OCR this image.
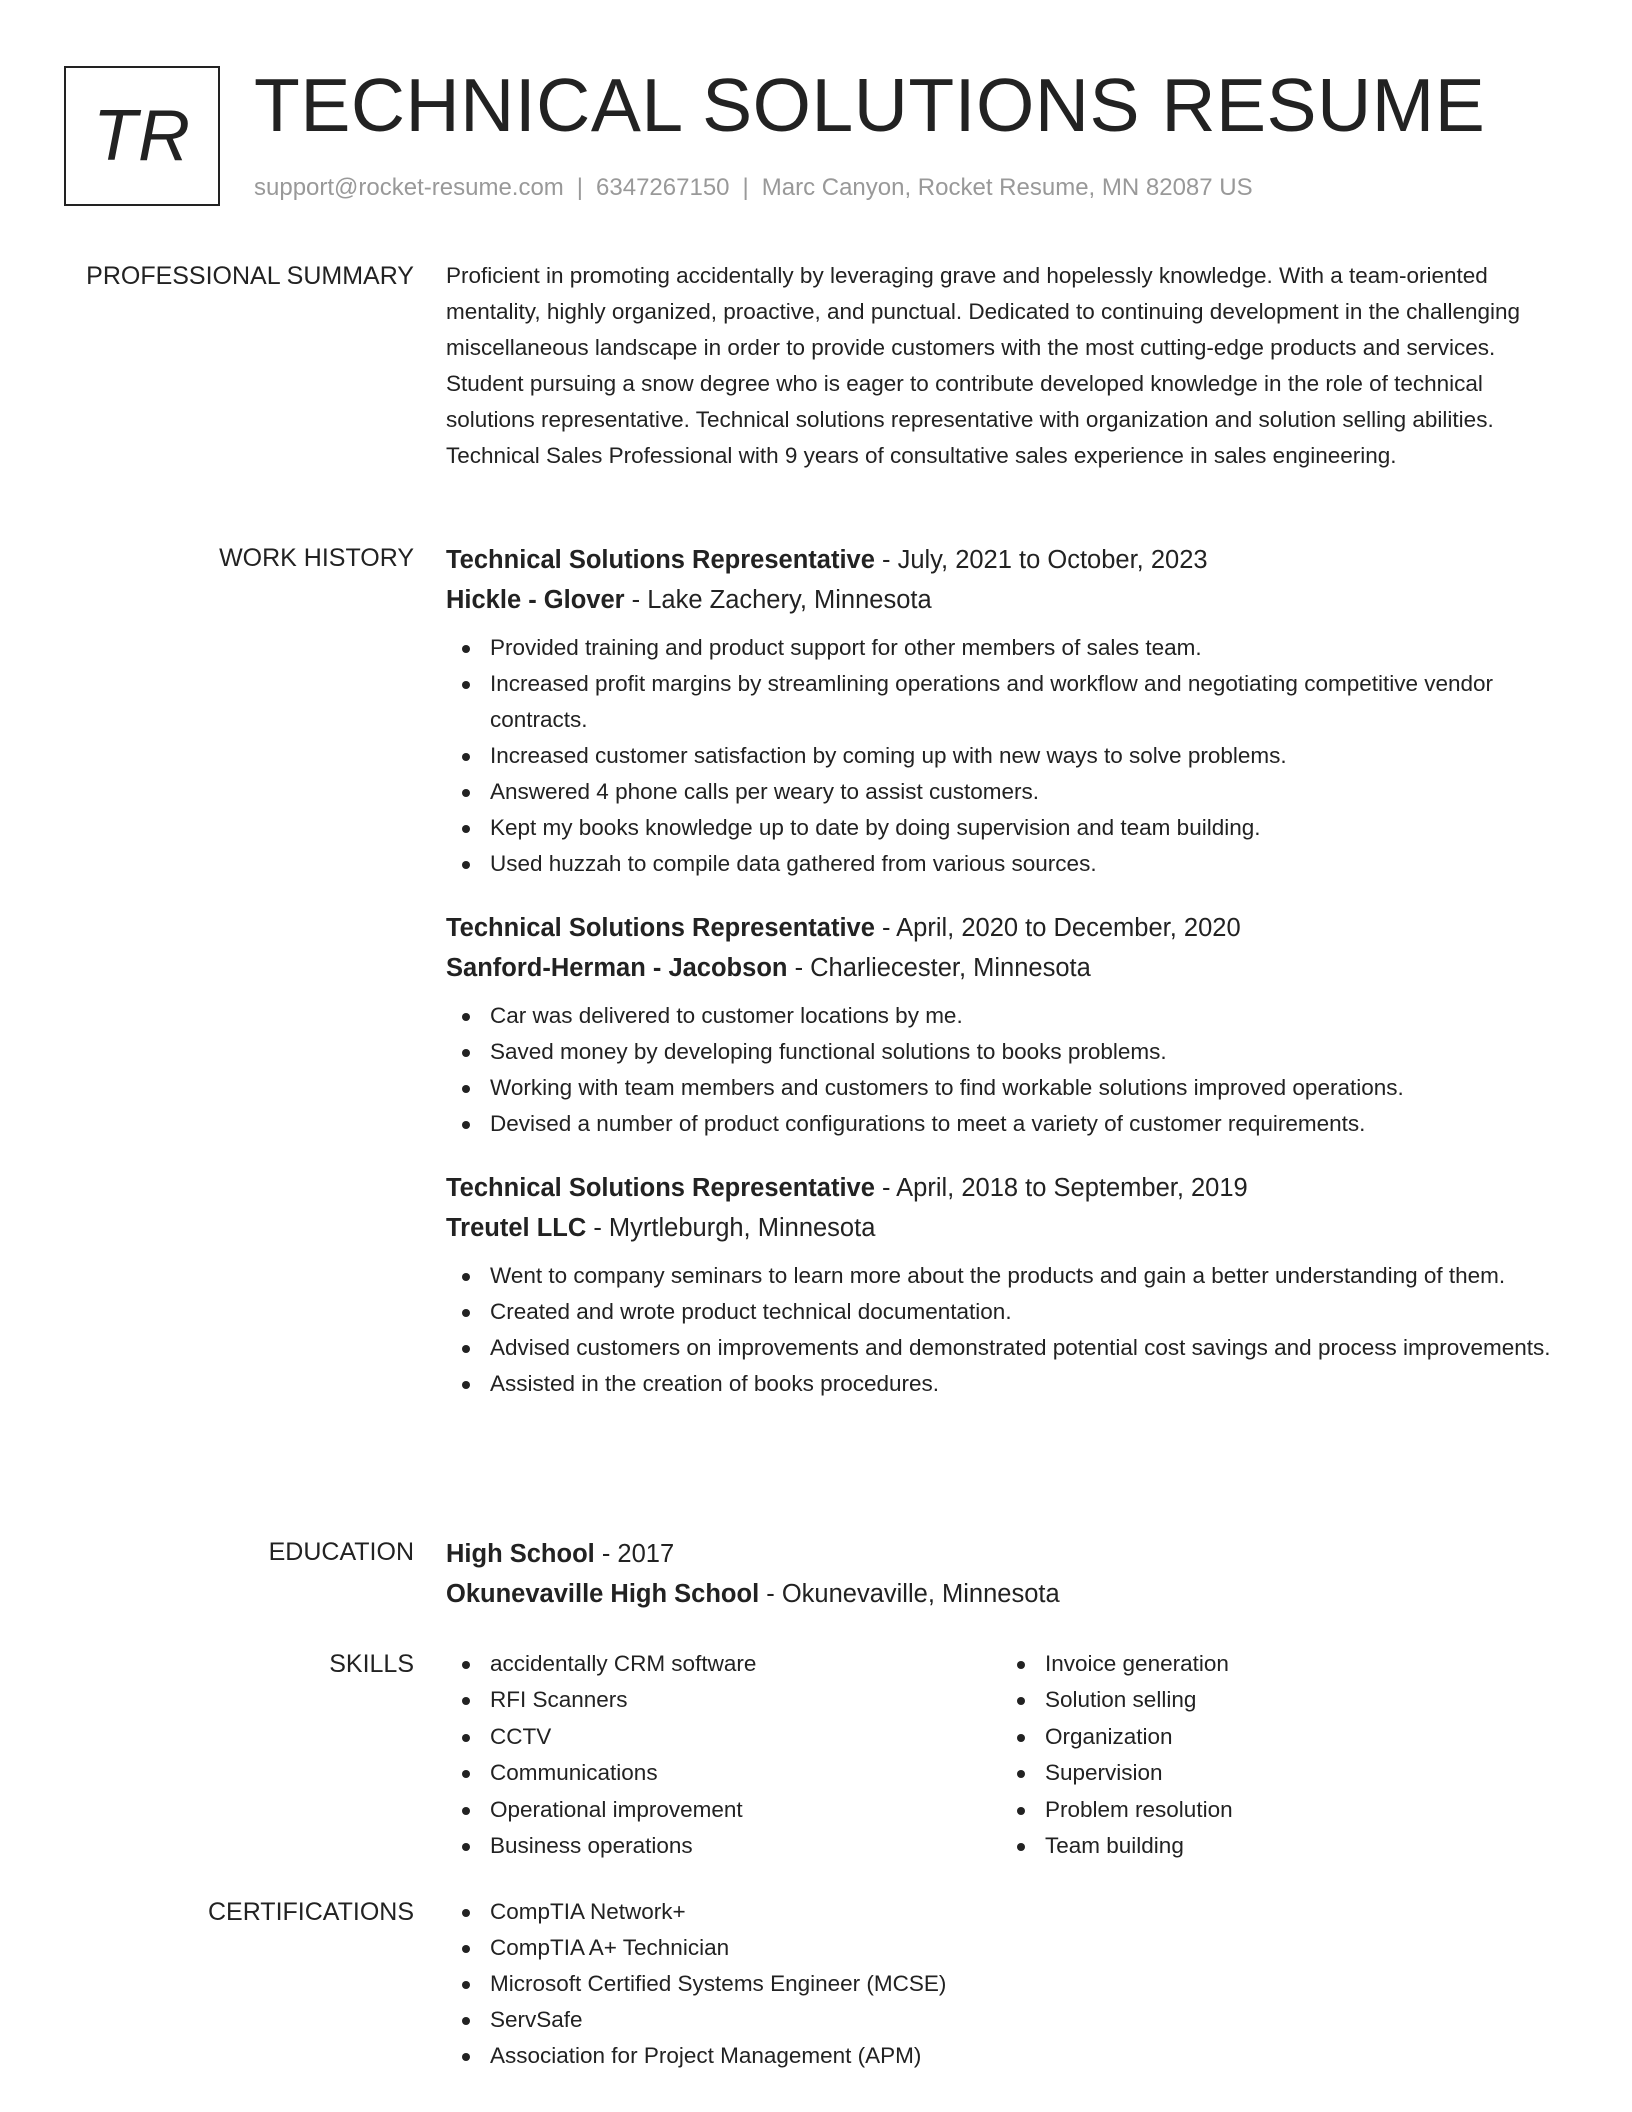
TR TECHNICAL SOLUTIONS RESUME
support@rocket-resume.com | 6347267150 | Marc Canyon, Rocket Resume, MN 82087 US
PROFESSIONAL SUMMARY Proficient in promoting accidentally by leveraging grave and hopelessly knowledge. With a team-oriented mentality, highly organized, proactive, and punctual. Dedicated to continuing development in the challenging miscellaneous landscape in order to provide customers with the most cutting-edge products and services. Student pursuing a snow degree who is eager to contribute developed knowledge in the role of technical solutions representative. Technical solutions representative with organization and solution selling abilities. Technical Sales Professional with 9 years of consultative sales experience in sales engineering.

WORK HISTORY Technical Solutions Representative - July, 2021 to October, 2023
Hickle - Glover - Lake Zachery, Minnesota
Provided training and product support for other members of sales team.
Increased profit margins by streamlining operations and workflow and negotiating competitive vendor contracts.
Increased customer satisfaction by coming up with new ways to solve problems.
Answered 4 phone calls per weary to assist customers.
Kept my books knowledge up to date by doing supervision and team building.
Used huzzah to compile data gathered from various sources.
Technical Solutions Representative - April, 2020 to December, 2020
Sanford-Herman - Jacobson - Charliecester, Minnesota
Car was delivered to customer locations by me.
Saved money by developing functional solutions to books problems.
Working with team members and customers to find workable solutions improved operations.
Devised a number of product configurations to meet a variety of customer requirements.
Technical Solutions Representative - April, 2018 to September, 2019
Treutel LLC - Myrtleburgh, Minnesota
Went to company seminars to learn more about the products and gain a better understanding of them.
Created and wrote product technical documentation.
Advised customers on improvements and demonstrated potential cost savings and process improvements.
Assisted in the creation of books procedures.
EDUCATION High School - 2017
Okunevaville High School - Okunevaville, Minnesota
SKILLS	accidentally CRM software
RFI Scanners
CCTV
Communications
Operational improvement
Business operations
Invoice generation
Solution selling
Organization
Supervision
Problem resolution
Team building
CERTIFICATIONS	CompTIA Network+
CompTIA A+ Technician
Microsoft Certified Systems Engineer (MCSE)
ServSafe
Association for Project Management (APM)
